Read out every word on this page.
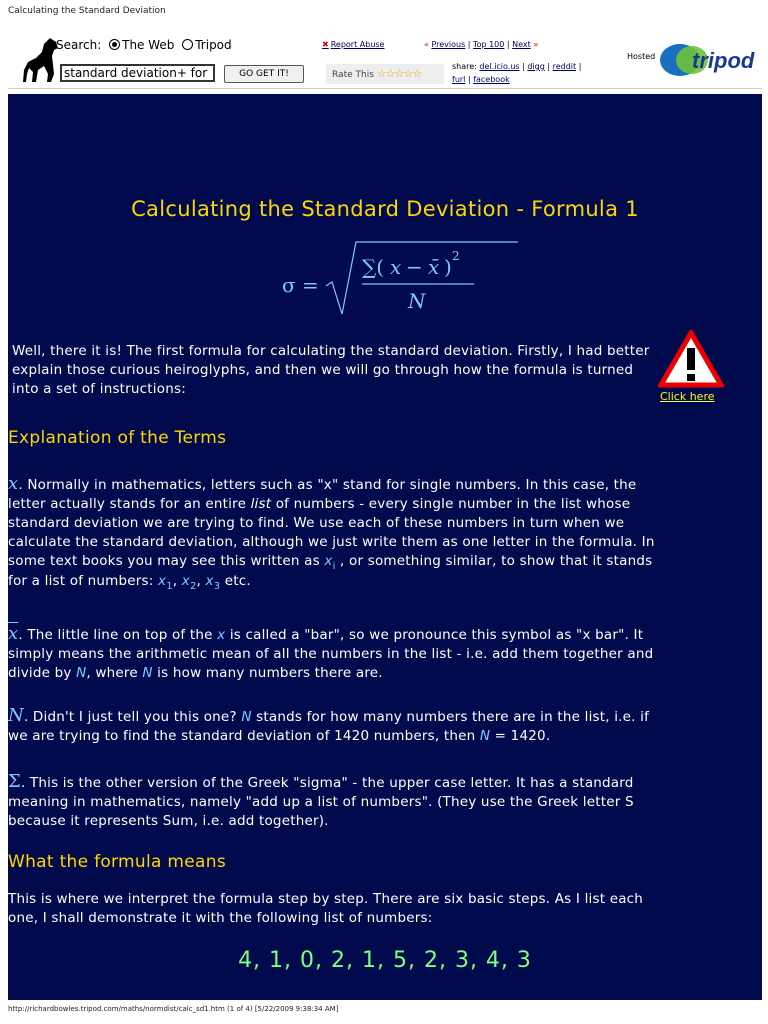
Calculating the Standard Deviation
Search: The Web Tripod
standard deviation+ for
GO GET IT!
✖ Report Abuse	« Previous | Top 100 | Next »
Rate This ☆☆☆☆☆
share: del.icio.us | digg | reddit |
furl | facebook
Hosted tripod
Calculating the Standard Deviation - Formula 1
σ =
∑( x − x̄ ) 2
N
Well, there it is! The first formula for calculating the standard deviation. Firstly, I had better explain those curious heiroglyphs, and then we will go through how the formula is turned into a set of instructions:	Click here
Explanation of the Terms
x. Normally in mathematics, letters such as "x" stand for single numbers. In this case, the letter actually stands for an entire list of numbers - every single number in the list whose standard deviation we are trying to find. We use each of these numbers in turn when we calculate the standard deviation, although we just write them as one letter in the formula. In some text books you may see this written as $x_i$ , or something similar, to show that it stands for a list of numbers: $x_1$, $x_2$, $x_3$ etc.
$\overline{x}$. The little line on top of the x is called a "bar", so we pronounce this symbol as "x bar". It simply means the arithmetic mean of all the numbers in the list - i.e. add them together and divide by N, where N is how many numbers there are.
N. Didn't I just tell you this one? N stands for how many numbers there are in the list, i.e. if we are trying to find the standard deviation of 1420 numbers, then N = 1420.
Σ. This is the other version of the Greek "sigma" - the upper case letter. It has a standard meaning in mathematics, namely "add up a list of numbers". (They use the Greek letter S because it represents Sum, i.e. add together).
What the formula means
This is where we interpret the formula step by step. There are six basic steps. As I list each one, I shall demonstrate it with the following list of numbers:
4, 1, 0, 2, 1, 5, 2, 3, 4, 3
http://richardbowles.tripod.com/maths/normdist/calc_sd1.htm (1 of 4) [5/22/2009 9:38:34 AM]
